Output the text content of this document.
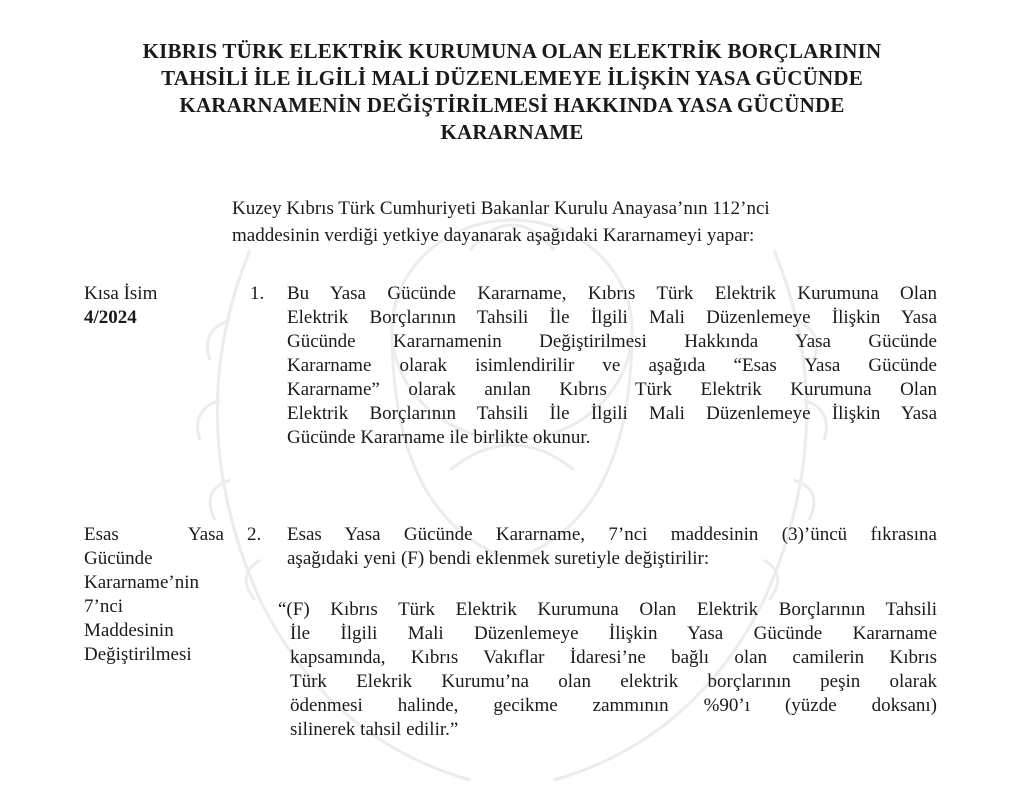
KIBRIS TÜRK ELEKTRİK KURUMUNA OLAN ELEKTRİK BORÇLARININ
TAHSİLİ İLE İLGİLİ MALİ DÜZENLEMEYE İLİŞKİN YASA GÜCÜNDE
KARARNAMENİN DEĞİŞTİRİLMESİ HAKKINDA YASA GÜCÜNDE
KARARNAME
Kuzey Kıbrıs Türk Cumhuriyeti Bakanlar Kurulu Anayasa’nın 112’nci
maddesinin verdiği yetkiye dayanarak aşağıdaki Kararnameyi yapar:
Kısa İsim
4/2024
1. Bu Yasa Gücünde Kararname, Kıbrıs Türk Elektrik Kurumuna Olan
Elektrik Borçlarının Tahsili İle İlgili Mali Düzenlemeye İlişkin Yasa
Gücünde Kararnamenin Değiştirilmesi Hakkında Yasa Gücünde
Kararname olarak isimlendirilir ve aşağıda “Esas Yasa Gücünde
Kararname” olarak anılan Kıbrıs Türk Elektrik Kurumuna Olan
Elektrik Borçlarının Tahsili İle İlgili Mali Düzenlemeye İlişkin Yasa
Gücünde Kararname ile birlikte okunur.
Esas	Yasa
Gücünde
Kararname’nin
7’nci
Maddesinin
Değiştirilmesi
2. Esas Yasa Gücünde Kararname, 7’nci maddesinin (3)’üncü fıkrasına
aşağıdaki yeni (F) bendi eklenmek suretiyle değiştirilir:
“(F) Kıbrıs Türk Elektrik Kurumuna Olan Elektrik Borçlarının Tahsili
İle İlgili Mali Düzenlemeye İlişkin Yasa Gücünde Kararname
kapsamında, Kıbrıs Vakıflar İdaresi’ne bağlı olan camilerin Kıbrıs
Türk Elekrik Kurumu’na olan elektrik borçlarının peşin olarak
ödenmesi halinde, gecikme zammının %90’ı (yüzde doksanı)
silinerek tahsil edilir.”
